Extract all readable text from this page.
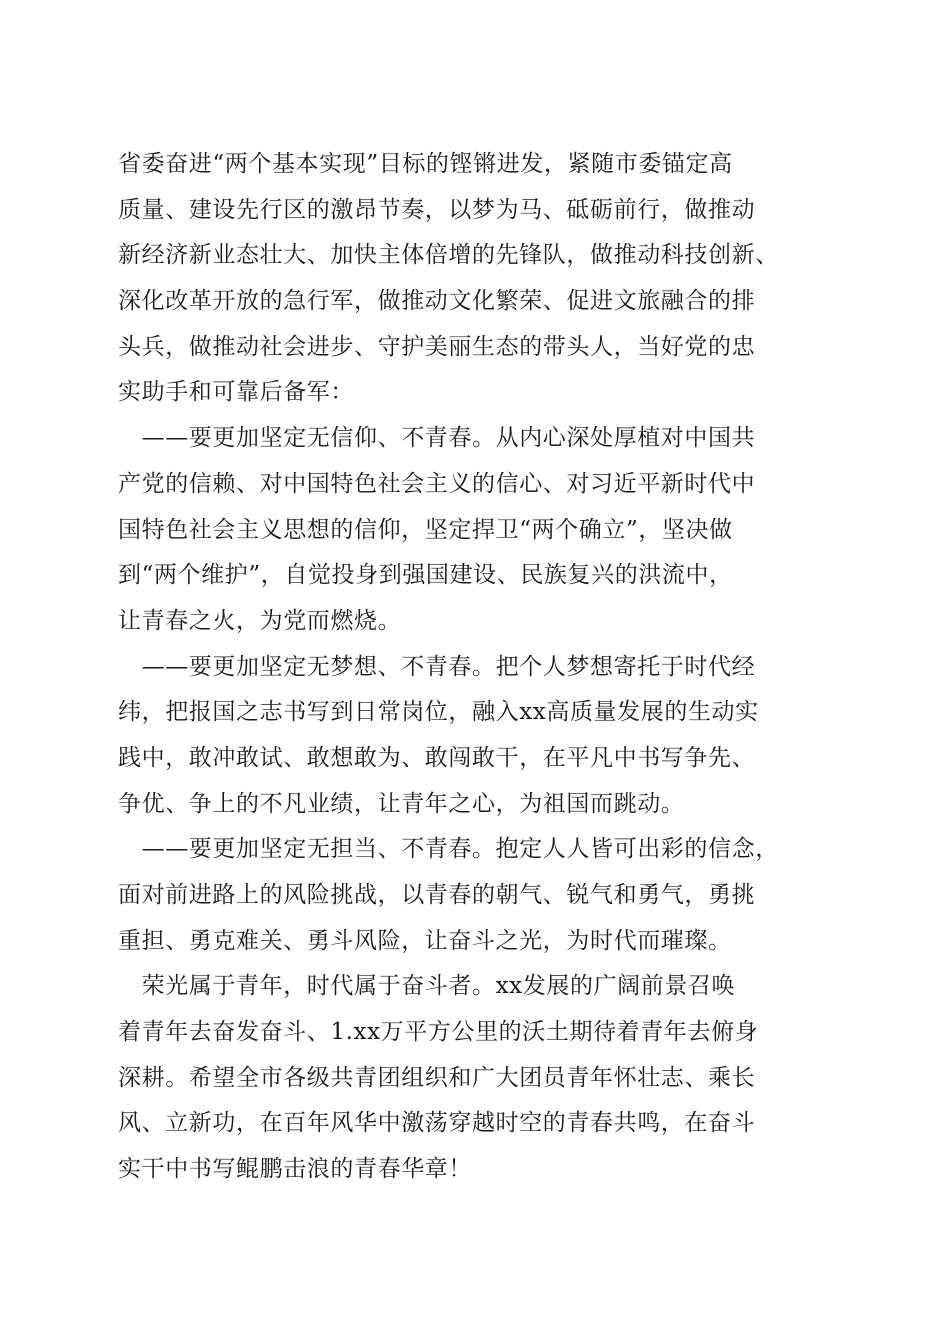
省委奋进“两个基本实现”目标的铿锵进发，紧随市委锚定高
质量、建设先行区的激昂节奏，以梦为马、砥砺前行，做推动
新经济新业态壮大、加快主体倍增的先锋队，做推动科技创新、
深化改革开放的急行军，做推动文化繁荣、促进文旅融合的排
头兵，做推动社会进步、守护美丽生态的带头人，当好党的忠
实助手和可靠后备军：
　——要更加坚定无信仰、不青春。从内心深处厚植对中国共
产党的信赖、对中国特色社会主义的信心、对习近平新时代中
国特色社会主义思想的信仰，坚定捍卫“两个确立”，坚决做
到“两个维护”，自觉投身到强国建设、民族复兴的洪流中，
让青春之火，为党而燃烧。
　——要更加坚定无梦想、不青春。把个人梦想寄托于时代经
纬，把报国之志书写到日常岗位，融入xx高质量发展的生动实
践中，敢冲敢试、敢想敢为、敢闯敢干，在平凡中书写争先、
争优、争上的不凡业绩，让青年之心，为祖国而跳动。
　——要更加坚定无担当、不青春。抱定人人皆可出彩的信念，
面对前进路上的风险挑战，以青春的朝气、锐气和勇气，勇挑
重担、勇克难关、勇斗风险，让奋斗之光，为时代而璀璨。
　荣光属于青年，时代属于奋斗者。xx发展的广阔前景召唤
着青年去奋发奋斗、1.xx万平方公里的沃土期待着青年去俯身
深耕。希望全市各级共青团组织和广大团员青年怀壮志、乘长
风、立新功，在百年风华中激荡穿越时空的青春共鸣，在奋斗
实干中书写鲲鹏击浪的青春华章！
